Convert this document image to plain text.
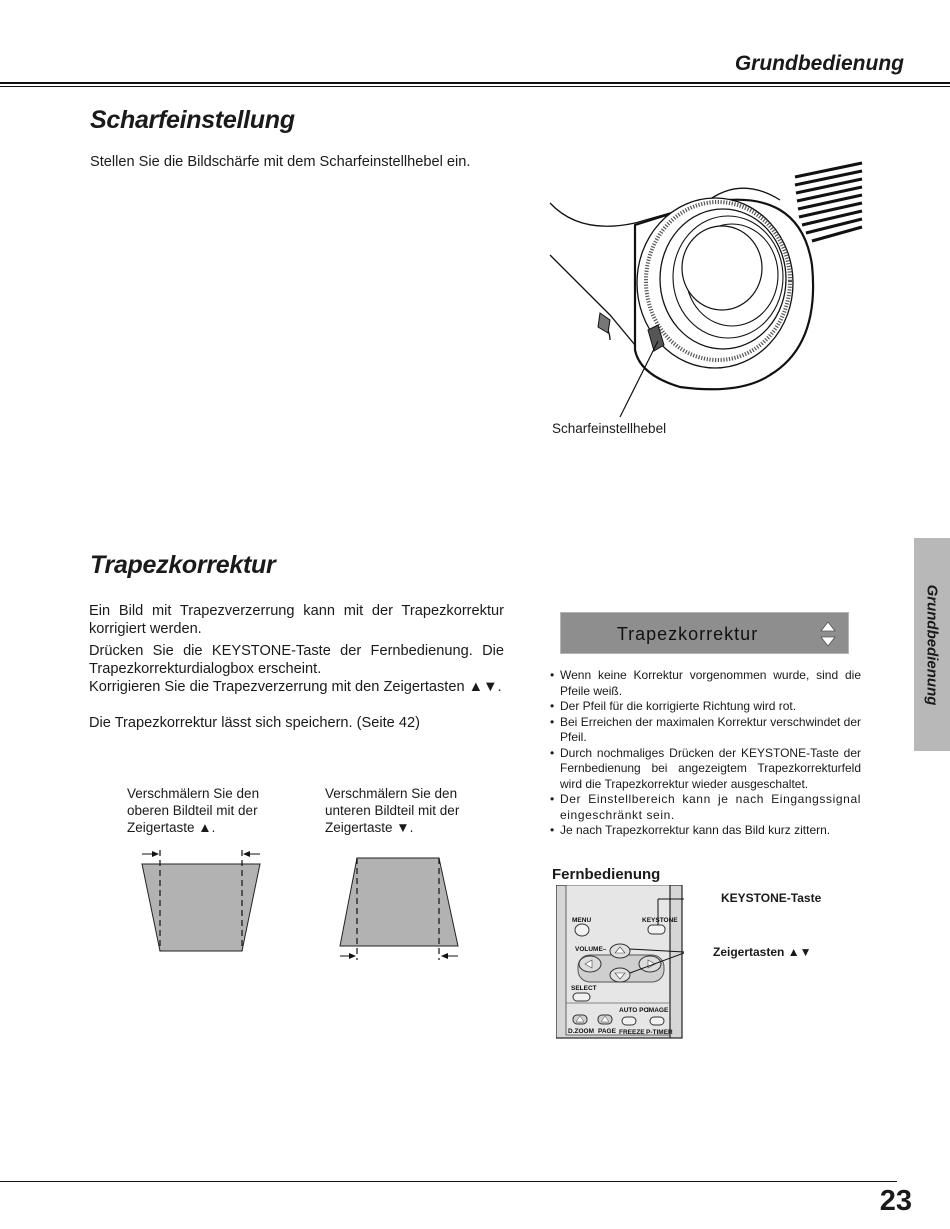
Grundbedienung
Scharfeinstellung
Stellen Sie die Bildschärfe mit dem Scharfeinstellhebel ein.
Scharfeinstellhebel
Trapezkorrektur
Ein Bild mit Trapezverzerrung kann mit der Trapezkorrektur korrigiert werden.
Drücken Sie die KEYSTONE-Taste der Fernbedienung. Die Trapezkorrekturdialogbox erscheint.
Korrigieren Sie die Trapezverzerrung mit den Zeigertasten ▲▼.
Die Trapezkorrektur lässt sich speichern. (Seite 42)
Verschmälern Sie den
oberen Bildteil mit der
Zeigertaste ▲.
Verschmälern Sie den
unteren Bildteil mit der
Zeigertaste ▼.
Trapezkorrektur
• Wenn keine Korrektur vorgenommen wurde, sind die Pfeile weiß.
• Der Pfeil für die korrigierte Richtung wird rot.
• Bei Erreichen der maximalen Korrektur verschwindet der Pfeil.
• Durch nochmaliges Drücken der KEYSTONE-Taste der Fernbedienung bei angezeigtem Trapezkorrekturfeld wird die Trapezkorrektur wieder ausgeschaltet.
• Der Einstellbereich kann je nach Eingangssignal eingeschränkt sein.
• Je nach Trapezkorrektur kann das Bild kurz zittern.
Fernbedienung
MENU	KEYSTONE
VOLUME–
SELECT
AUTO PC
IMAGE
D.ZOOM PAGE FREEZE P-TIMER
KEYSTONE-Taste
Zeigertasten ▲▼
Grundbedienung
23
